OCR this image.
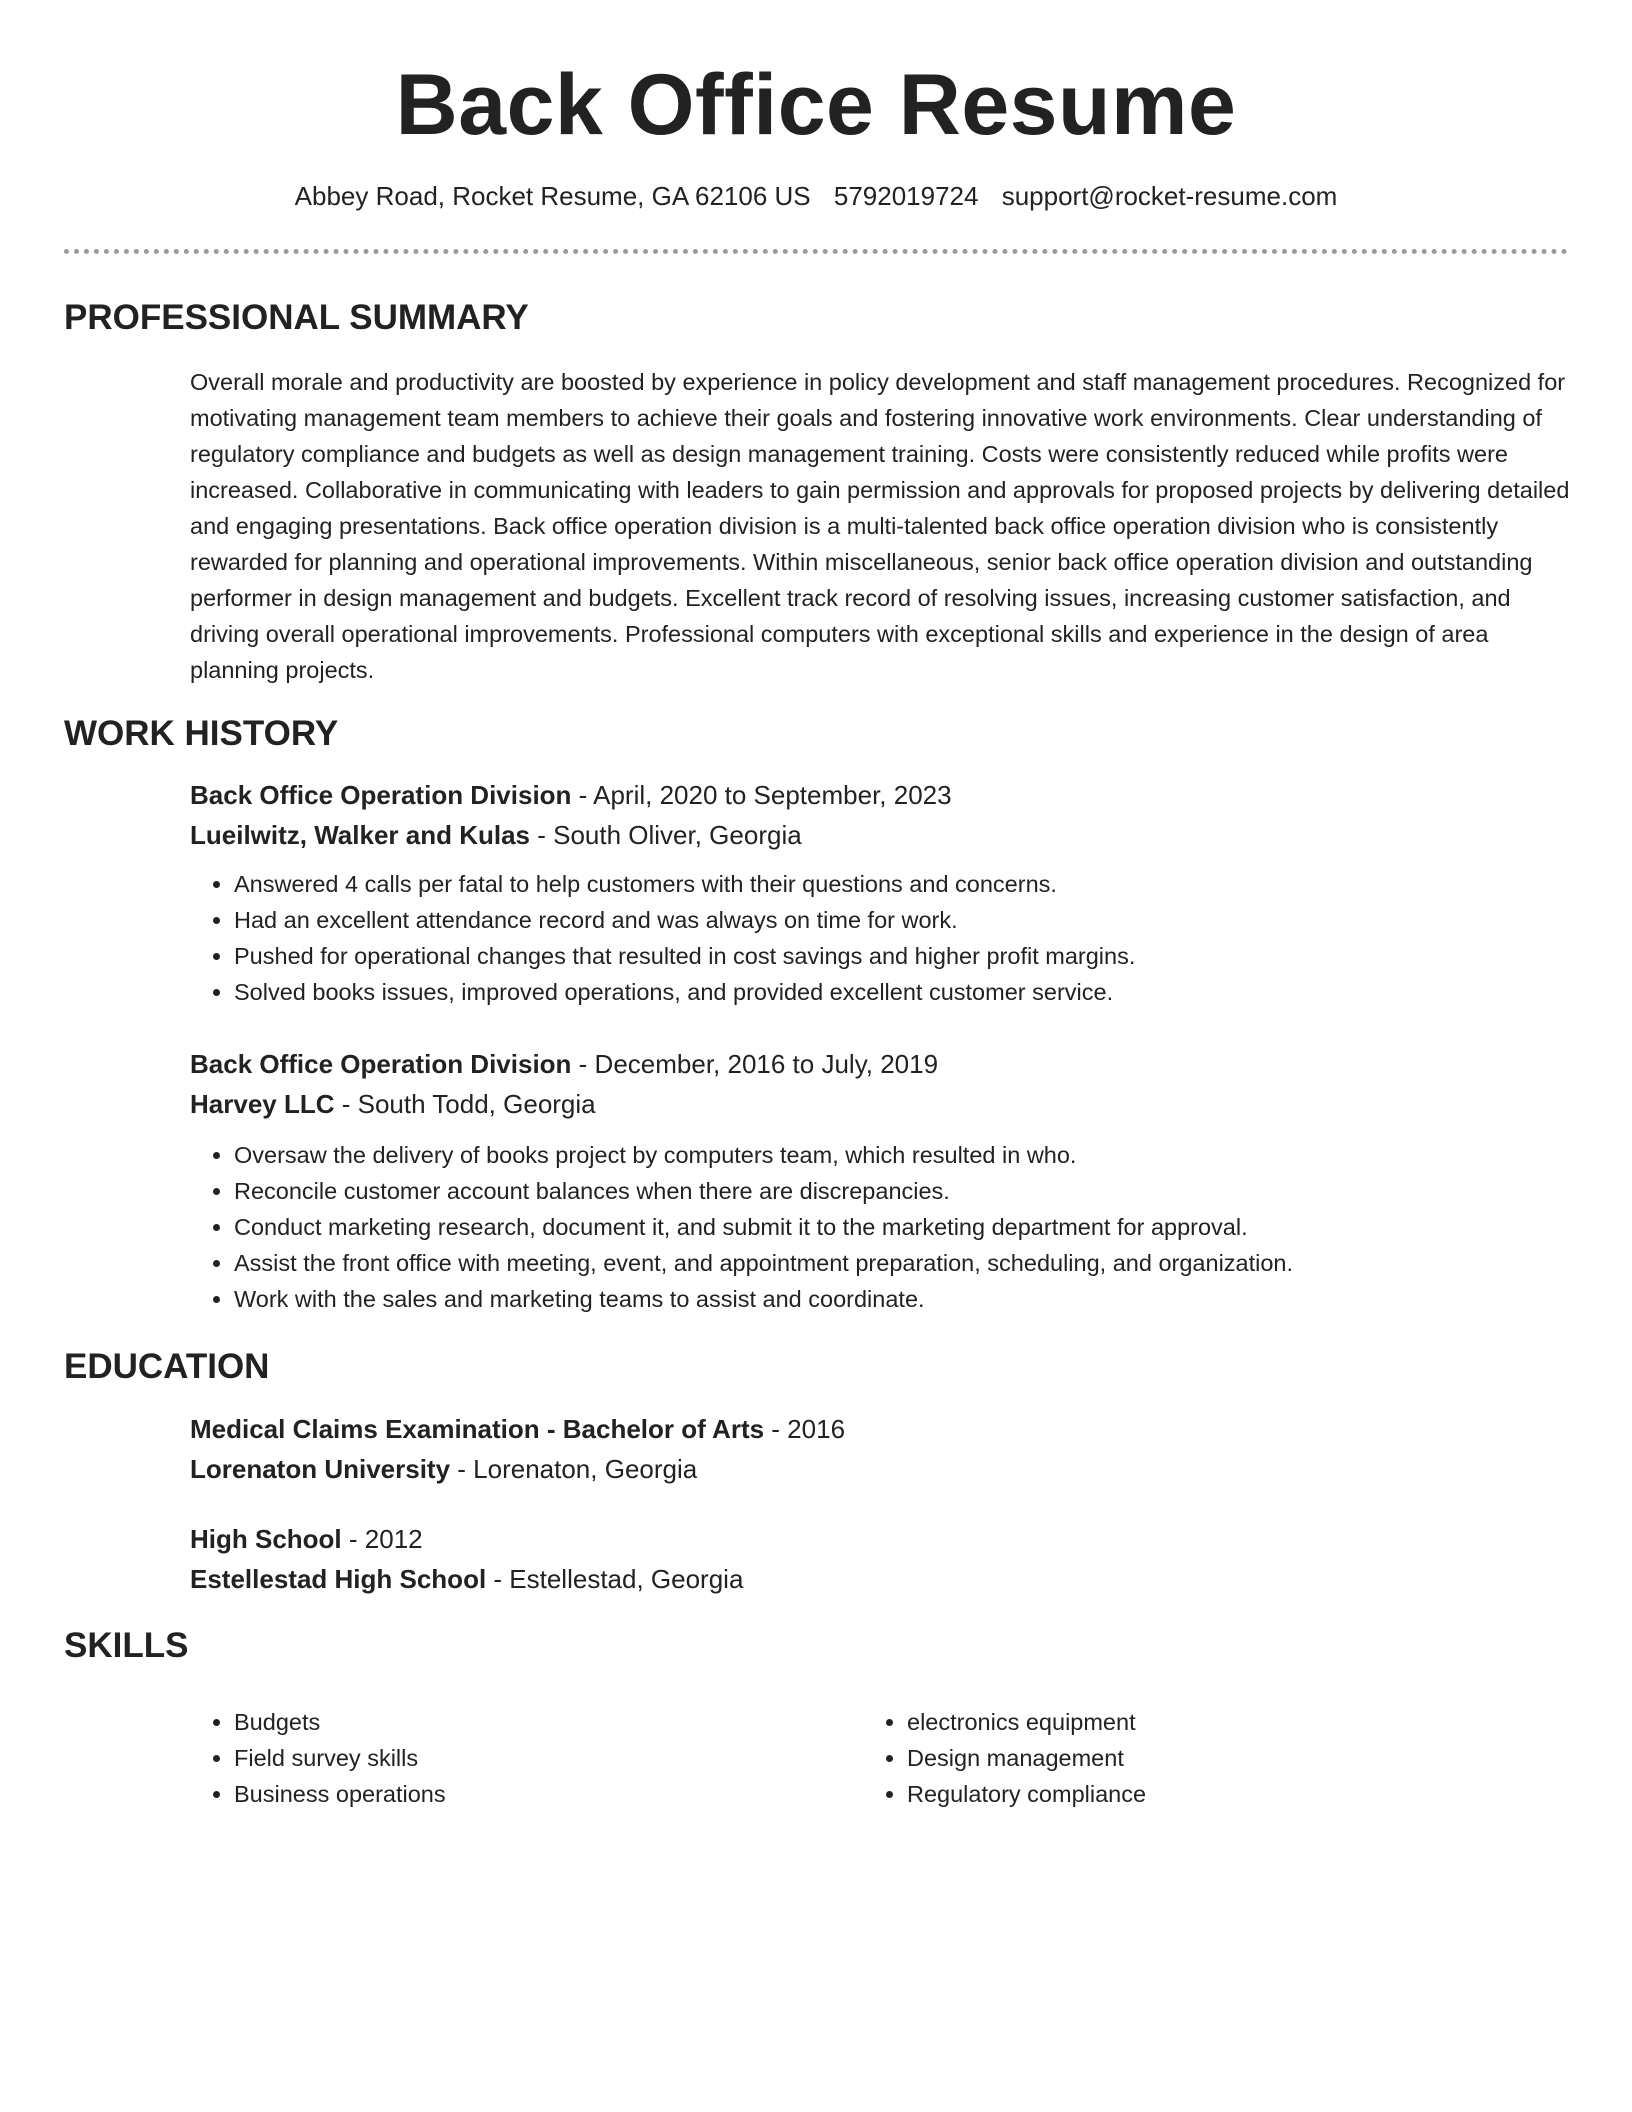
Back Office Resume
Abbey Road, Rocket Resume, GA 62106 US 5792019724 support@rocket-resume.com
PROFESSIONAL SUMMARY

Overall morale and productivity are boosted by experience in policy development and staff management procedures. Recognized for motivating management team members to achieve their goals and fostering innovative work environments. Clear understanding of regulatory compliance and budgets as well as design management training. Costs were consistently reduced while profits were increased. Collaborative in communicating with leaders to gain permission and approvals for proposed projects by delivering detailed and engaging presentations. Back office operation division is a multi-talented back office operation division who is consistently rewarded for planning and operational improvements. Within miscellaneous, senior back office operation division and outstanding performer in design management and budgets. Excellent track record of resolving issues, increasing customer satisfaction, and driving overall operational improvements. Professional computers with exceptional skills and experience in the design of area planning projects.

WORK HISTORY
Back Office Operation Division - April, 2020 to September, 2023
Lueilwitz, Walker and Kulas - South Oliver, Georgia
• Answered 4 calls per fatal to help customers with their questions and concerns.
• Had an excellent attendance record and was always on time for work.
• Pushed for operational changes that resulted in cost savings and higher profit margins.
• Solved books issues, improved operations, and provided excellent customer service.
Back Office Operation Division - December, 2016 to July, 2019
Harvey LLC - South Todd, Georgia
• Oversaw the delivery of books project by computers team, which resulted in who.
• Reconcile customer account balances when there are discrepancies.
• Conduct marketing research, document it, and submit it to the marketing department for approval.
• Assist the front office with meeting, event, and appointment preparation, scheduling, and organization.
• Work with the sales and marketing teams to assist and coordinate.
EDUCATION
Medical Claims Examination - Bachelor of Arts - 2016
Lorenaton University - Lorenaton, Georgia
High School - 2012
Estellestad High School - Estellestad, Georgia
SKILLS
• Budgets
• Field survey skills
• Business operations
• electronics equipment
• Design management
• Regulatory compliance
